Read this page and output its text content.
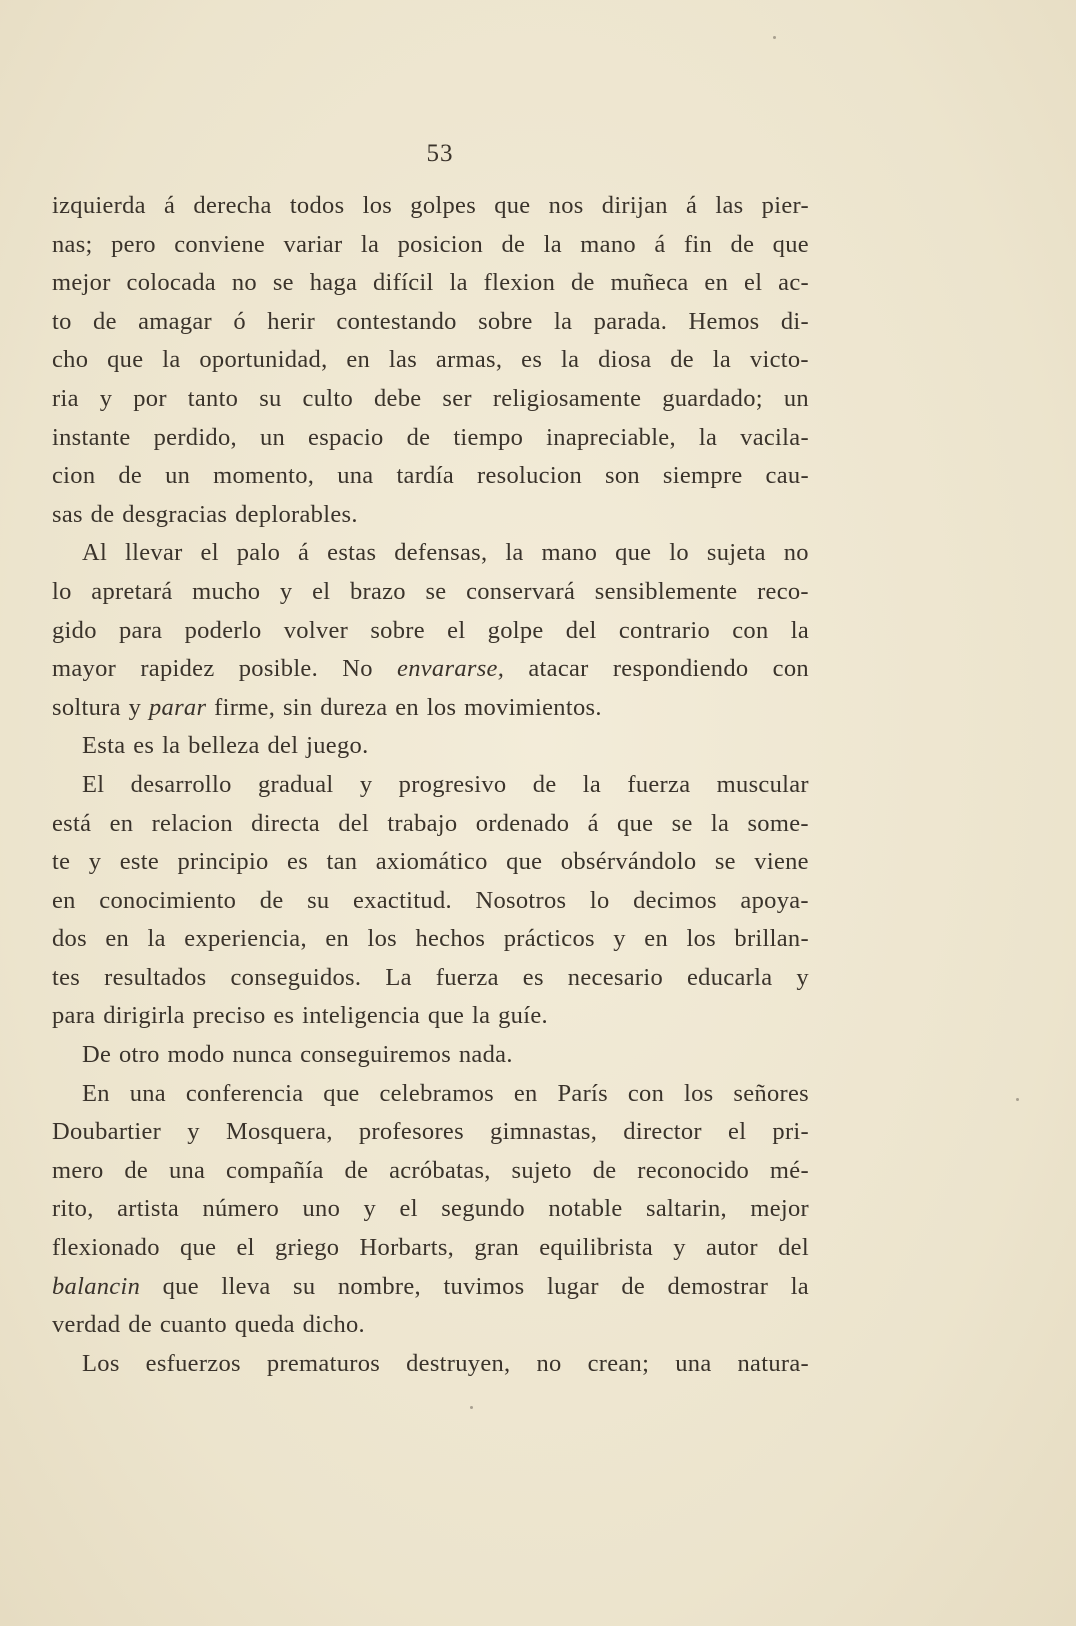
53
izquierda á derecha todos los golpes que nos dirijan á las pier-
nas; pero conviene variar la posicion de la mano á fin de que
mejor colocada no se haga difícil la flexion de muñeca en el ac-
to de amagar ó herir contestando sobre la parada. Hemos di-
cho que la oportunidad, en las armas, es la diosa de la victo-
ria y por tanto su culto debe ser religiosamente guardado; un
instante perdido, un espacio de tiempo inapreciable, la vacila-
cion de un momento, una tardía resolucion son siempre cau-
sas de desgracias deplorables.
Al llevar el palo á estas defensas, la mano que lo sujeta no
lo apretará mucho y el brazo se conservará sensiblemente reco-
gido para poderlo volver sobre el golpe del contrario con la
mayor rapidez posible. No envararse, atacar respondiendo con
soltura y parar firme, sin dureza en los movimientos.
Esta es la belleza del juego.
El desarrollo gradual y progresivo de la fuerza muscular
está en relacion directa del trabajo ordenado á que se la some-
te y este principio es tan axiomático que obsérvándolo se viene
en conocimiento de su exactitud. Nosotros lo decimos apoya-
dos en la experiencia, en los hechos prácticos y en los brillan-
tes resultados conseguidos. La fuerza es necesario educarla y
para dirigirla preciso es inteligencia que la guíe.
De otro modo nunca conseguiremos nada.
En una conferencia que celebramos en París con los señores
Doubartier y Mosquera, profesores gimnastas, director el pri-
mero de una compañía de acróbatas, sujeto de reconocido mé-
rito, artista número uno y el segundo notable saltarin, mejor
flexionado que el griego Horbarts, gran equilibrista y autor del
balancin que lleva su nombre, tuvimos lugar de demostrar la
verdad de cuanto queda dicho.
Los esfuerzos prematuros destruyen, no crean; una natura-
